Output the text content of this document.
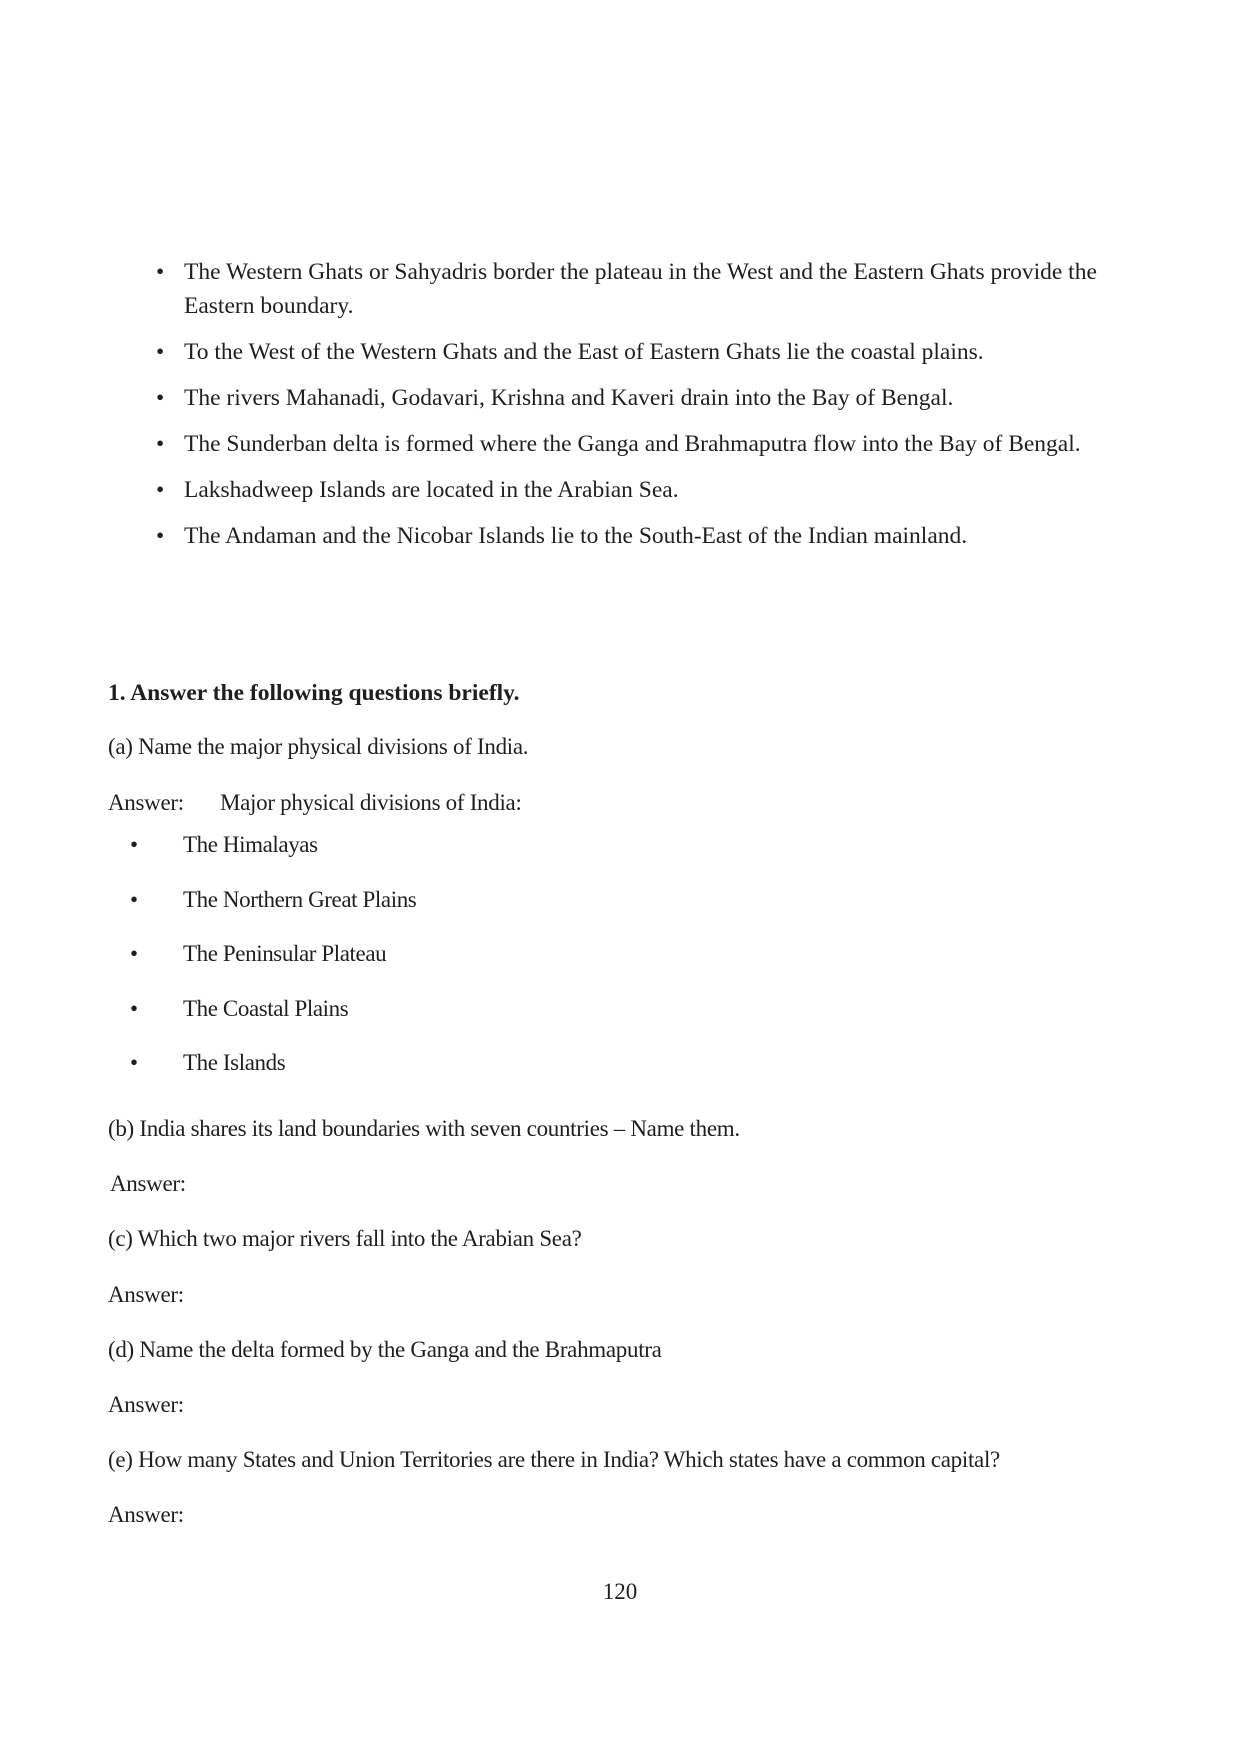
• The Western Ghats or Sahyadris border the plateau in the West and the Eastern Ghats provide the Eastern boundary.
• To the West of the Western Ghats and the East of Eastern Ghats lie the coastal plains.
• The rivers Mahanadi, Godavari, Krishna and Kaveri drain into the Bay of Bengal.
• The Sunderban delta is formed where the Ganga and Brahmaputra flow into the Bay of Bengal.
• Lakshadweep Islands are located in the Arabian Sea.
• The Andaman and the Nicobar Islands lie to the South-East of the Indian mainland.

1. Answer the following questions briefly.

(a) Name the major physical divisions of India.

Answer: Major physical divisions of India:

• The Himalayas
• The Northern Great Plains
• The Peninsular Plateau
• The Coastal Plains
• The Islands

(b) India shares its land boundaries with seven countries – Name them.

Answer:

(c) Which two major rivers fall into the Arabian Sea?

Answer:

(d) Name the delta formed by the Ganga and the Brahmaputra

Answer:

(e) How many States and Union Territories are there in India? Which states have a common capital?

Answer:

120
